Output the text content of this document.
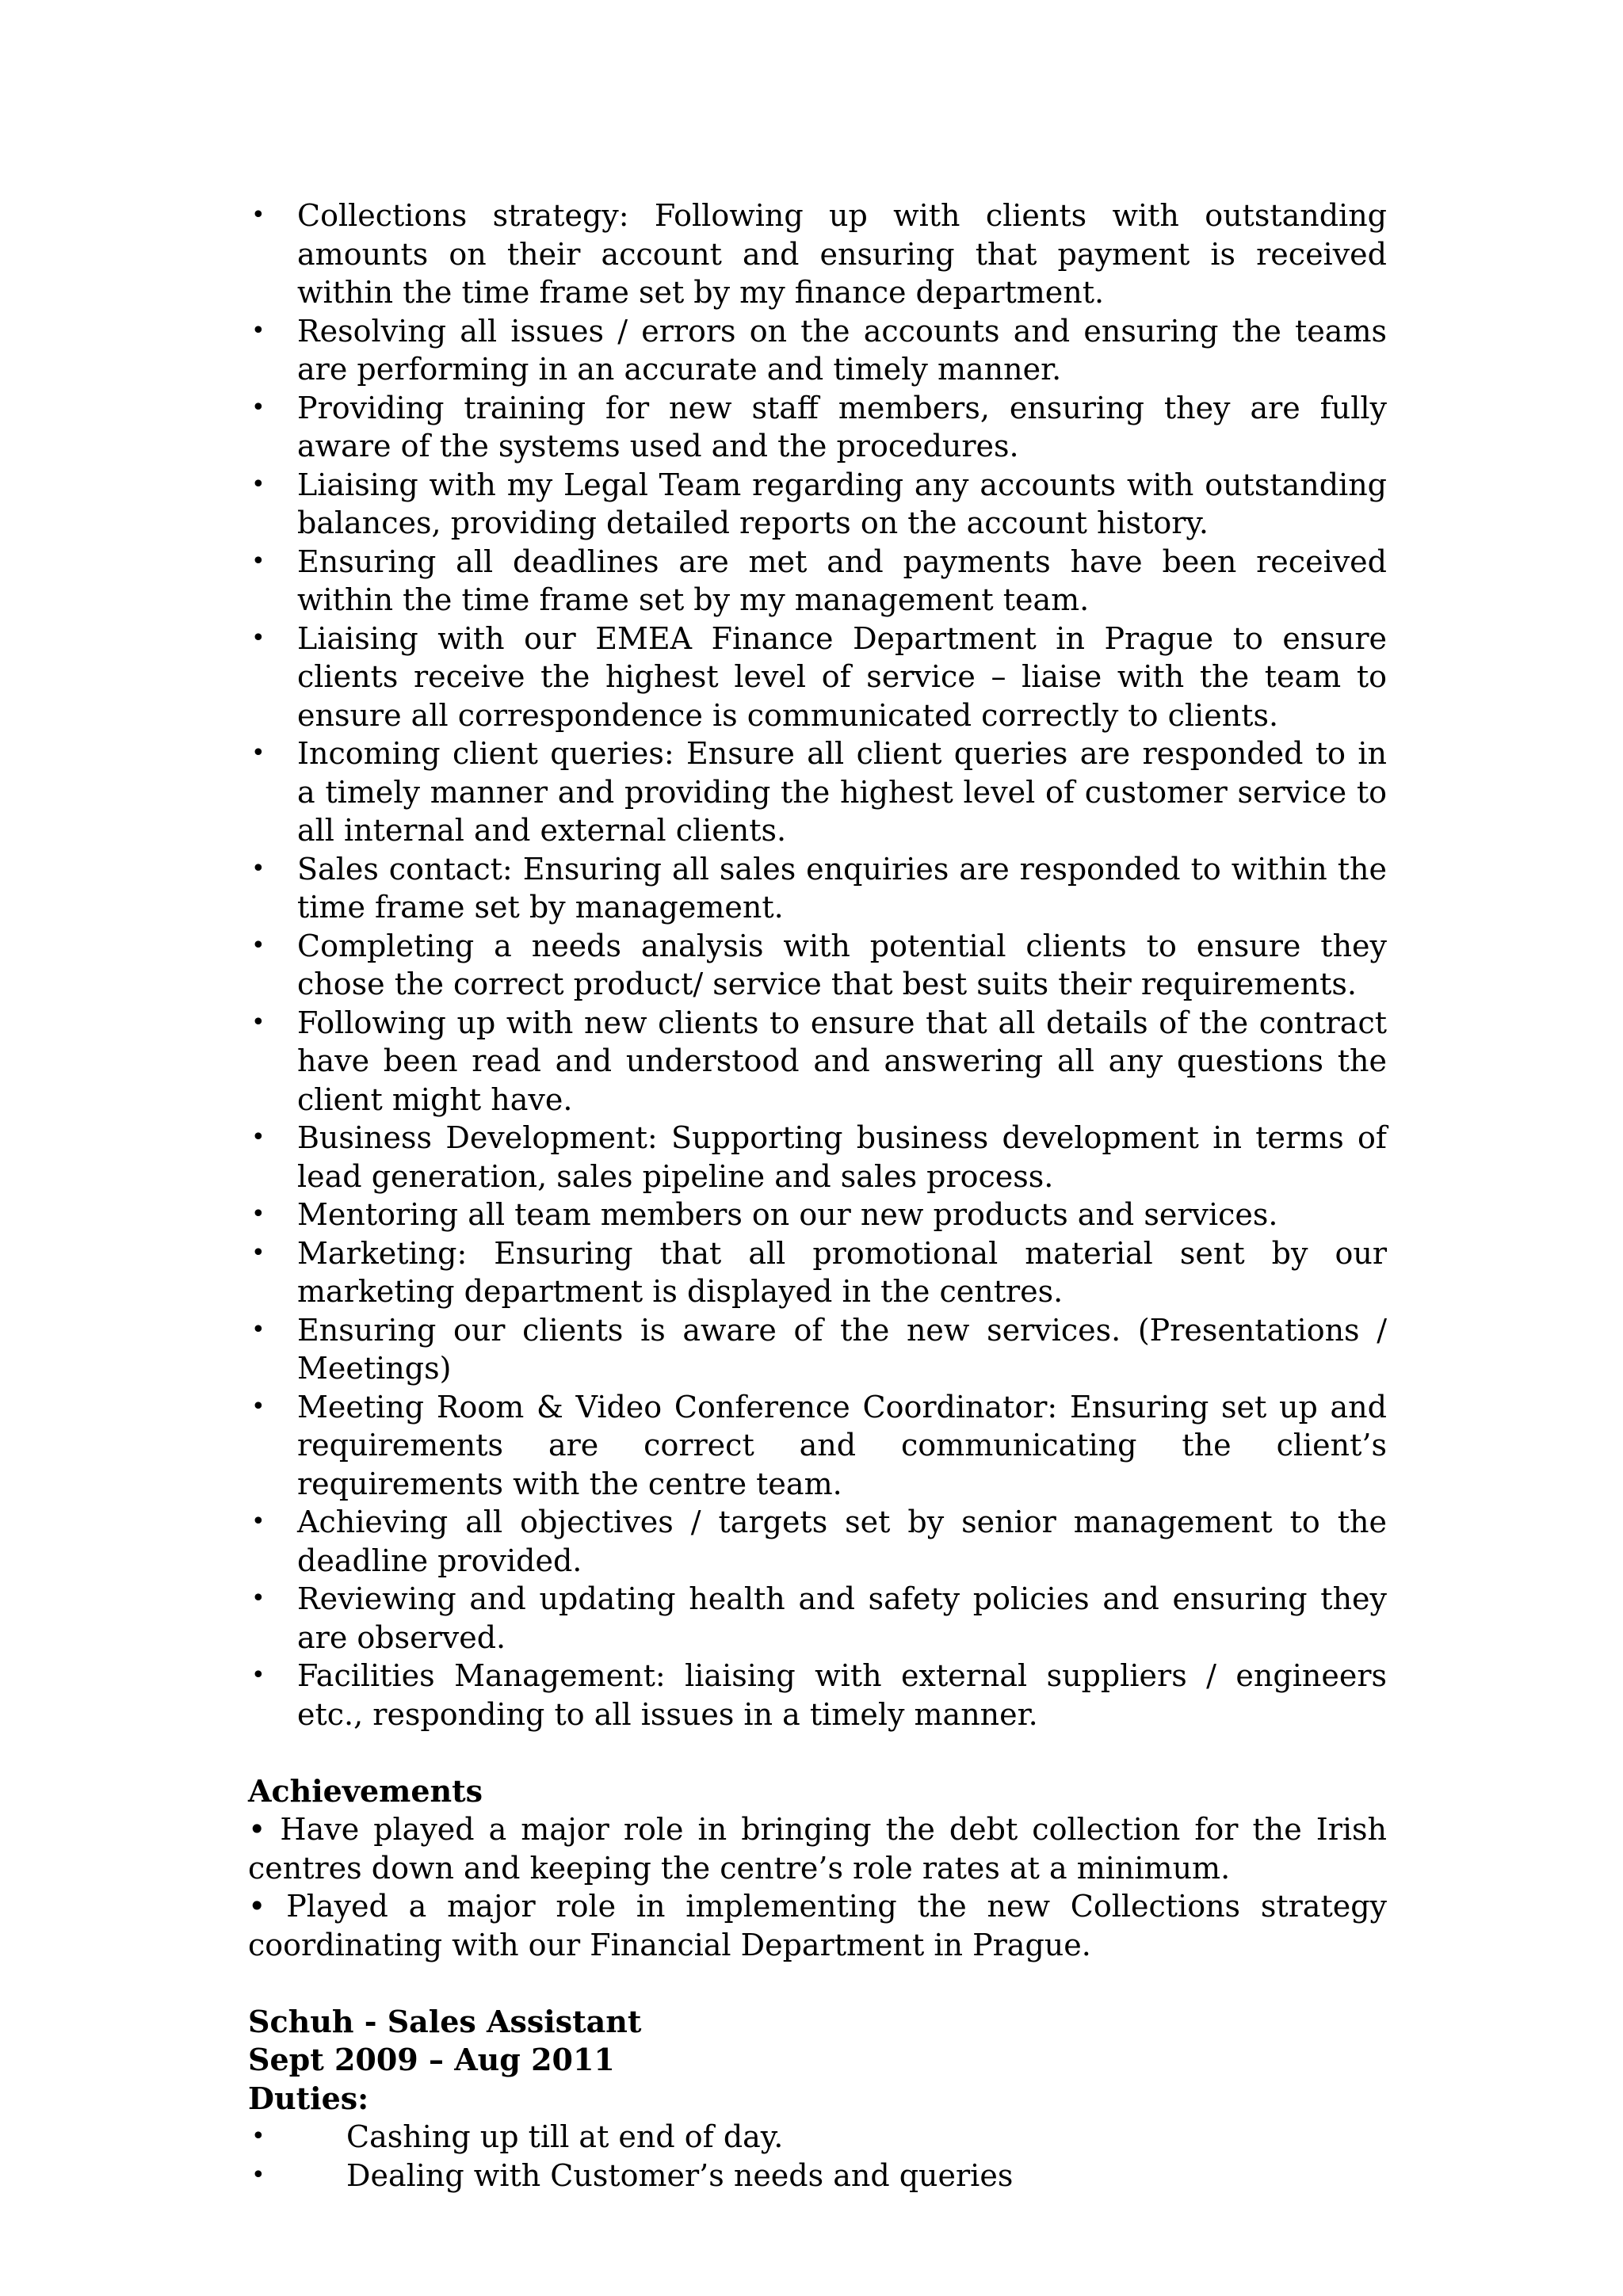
• Collections strategy: Following up with clients with outstanding amounts on their account and ensuring that payment is received within the time frame set by my finance department.
• Resolving all issues / errors on the accounts and ensuring the teams are performing in an accurate and timely manner.
• Providing training for new staff members, ensuring they are fully aware of the systems used and the procedures.
• Liaising with my Legal Team regarding any accounts with outstanding balances, providing detailed reports on the account history.
• Ensuring all deadlines are met and payments have been received within the time frame set by my management team.
• Liaising with our EMEA Finance Department in Prague to ensure clients receive the highest level of service – liaise with the team to ensure all correspondence is communicated correctly to clients.
• Incoming client queries: Ensure all client queries are responded to in a timely manner and providing the highest level of customer service to all internal and external clients.
• Sales contact: Ensuring all sales enquiries are responded to within the time frame set by management.
• Completing a needs analysis with potential clients to ensure they chose the correct product/ service that best suits their requirements.
• Following up with new clients to ensure that all details of the contract have been read and understood and answering all any questions the client might have.
• Business Development: Supporting business development in terms of lead generation, sales pipeline and sales process.
• Mentoring all team members on our new products and services.
• Marketing: Ensuring that all promotional material sent by our marketing department is displayed in the centres.
• Ensuring our clients is aware of the new services. (Presentations / Meetings)
• Meeting Room & Video Conference Coordinator: Ensuring set up and requirements are correct and communicating the client’s requirements with the centre team.
• Achieving all objectives / targets set by senior management to the deadline provided.
• Reviewing and updating health and safety policies and ensuring they are observed.
• Facilities Management: liaising with external suppliers / engineers etc., responding to all issues in a timely manner.
Achievements

• Have played a major role in bringing the debt collection for the Irish centres down and keeping the centre’s role rates at a minimum.

• Played a major role in implementing the new Collections strategy coordinating with our Financial Department in Prague.

Schuh - Sales Assistant
Sept 2009 – Aug 2011
Duties:
•	Cashing up till at end of day.
•	Dealing with Customer’s needs and queries
